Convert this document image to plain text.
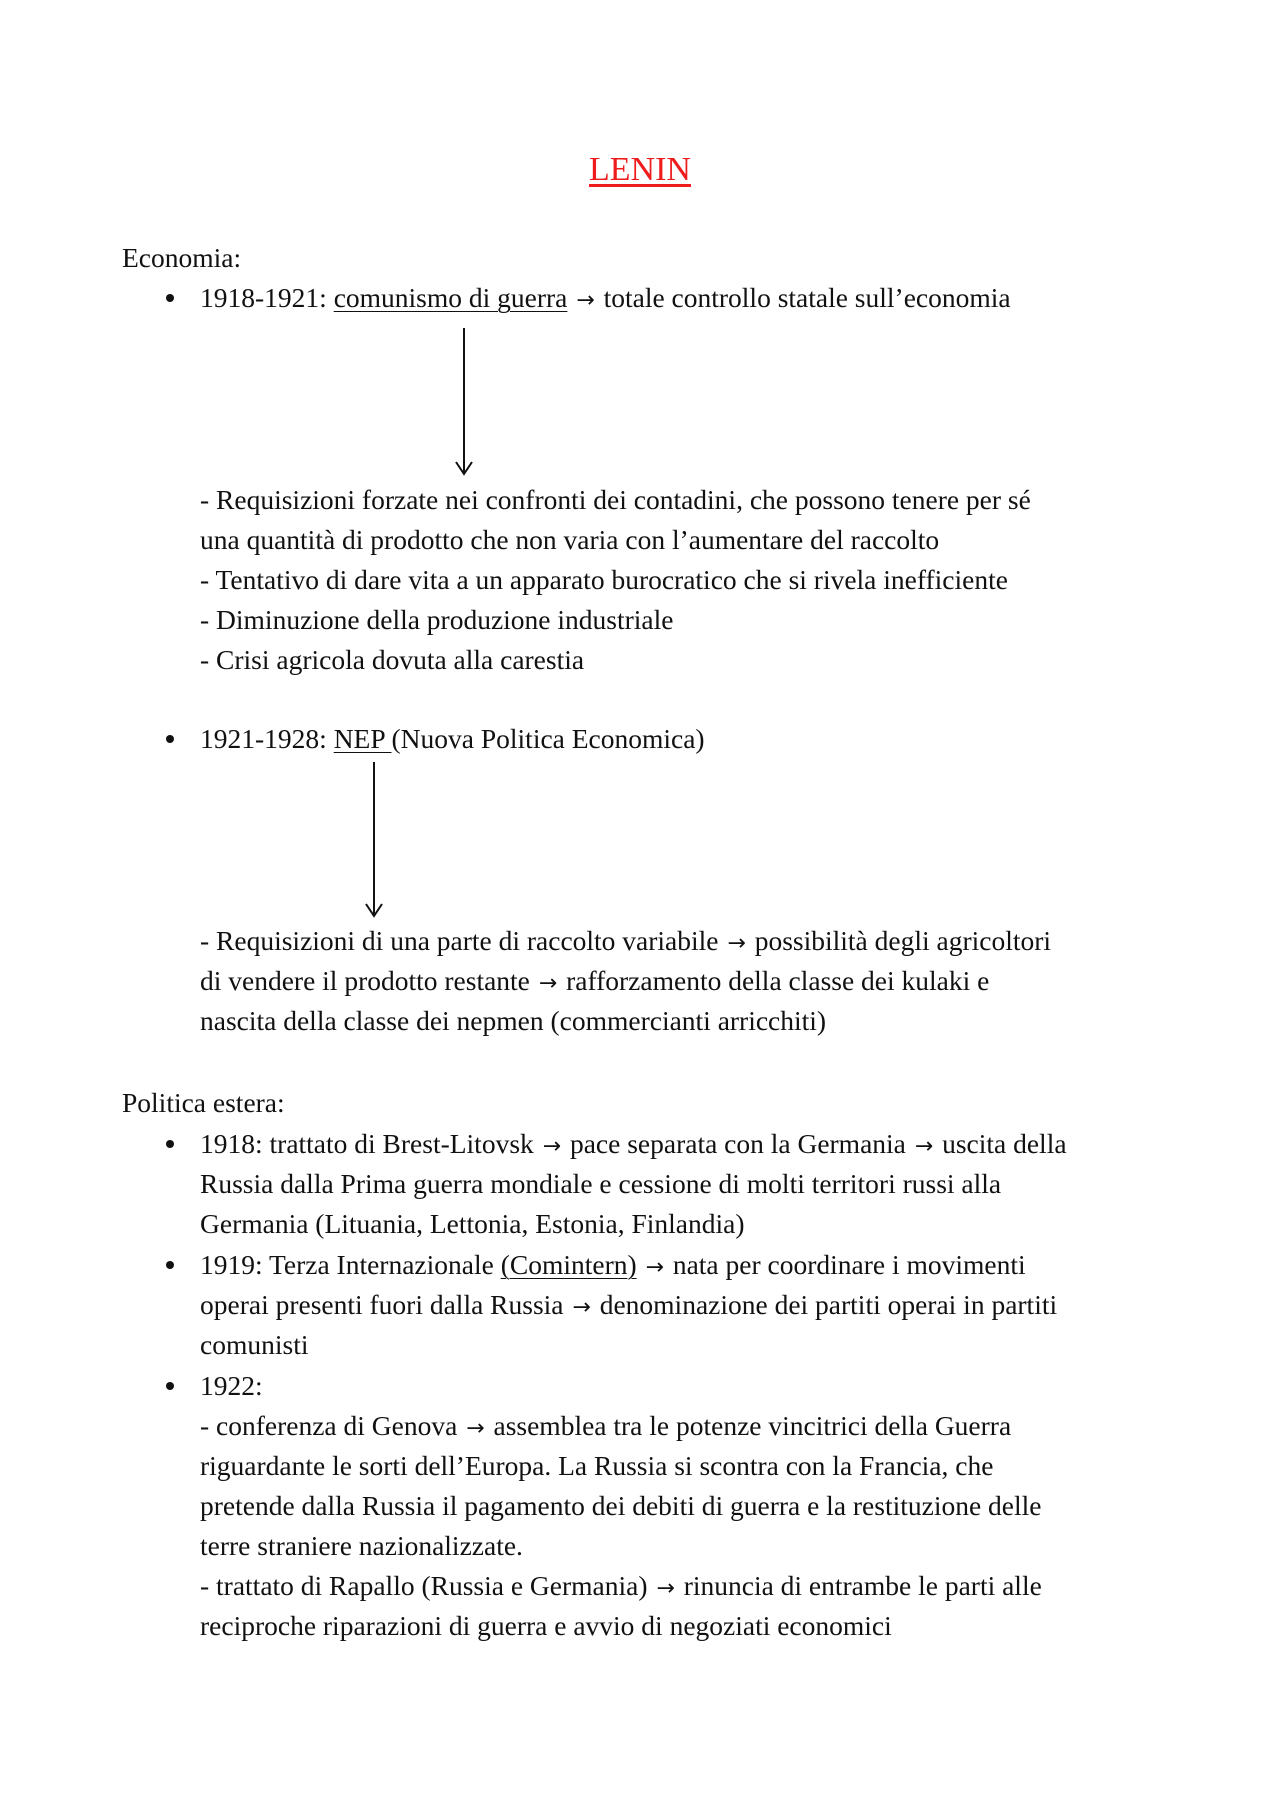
LENIN
Economia:
1918-1921: comunismo di guerra → totale controllo statale sull’economia
- Requisizioni forzate nei confronti dei contadini, che possono tenere per sé
una quantità di prodotto che non varia con l’aumentare del raccolto
- Tentativo di dare vita a un apparato burocratico che si rivela inefficiente
- Diminuzione della produzione industriale
- Crisi agricola dovuta alla carestia
1921-1928: NEP (Nuova Politica Economica)
- Requisizioni di una parte di raccolto variabile → possibilità degli agricoltori
di vendere il prodotto restante → rafforzamento della classe dei kulaki e
nascita della classe dei nepmen (commercianti arricchiti)
Politica estera:
1918: trattato di Brest-Litovsk → pace separata con la Germania → uscita della
Russia dalla Prima guerra mondiale e cessione di molti territori russi alla
Germania (Lituania, Lettonia, Estonia, Finlandia)
1919: Terza Internazionale (Comintern) → nata per coordinare i movimenti
operai presenti fuori dalla Russia → denominazione dei partiti operai in partiti
comunisti
1922:
- conferenza di Genova → assemblea tra le potenze vincitrici della Guerra
riguardante le sorti dell’Europa. La Russia si scontra con la Francia, che
pretende dalla Russia il pagamento dei debiti di guerra e la restituzione delle
terre straniere nazionalizzate.
- trattato di Rapallo (Russia e Germania) → rinuncia di entrambe le parti alle
reciproche riparazioni di guerra e avvio di negoziati economici
